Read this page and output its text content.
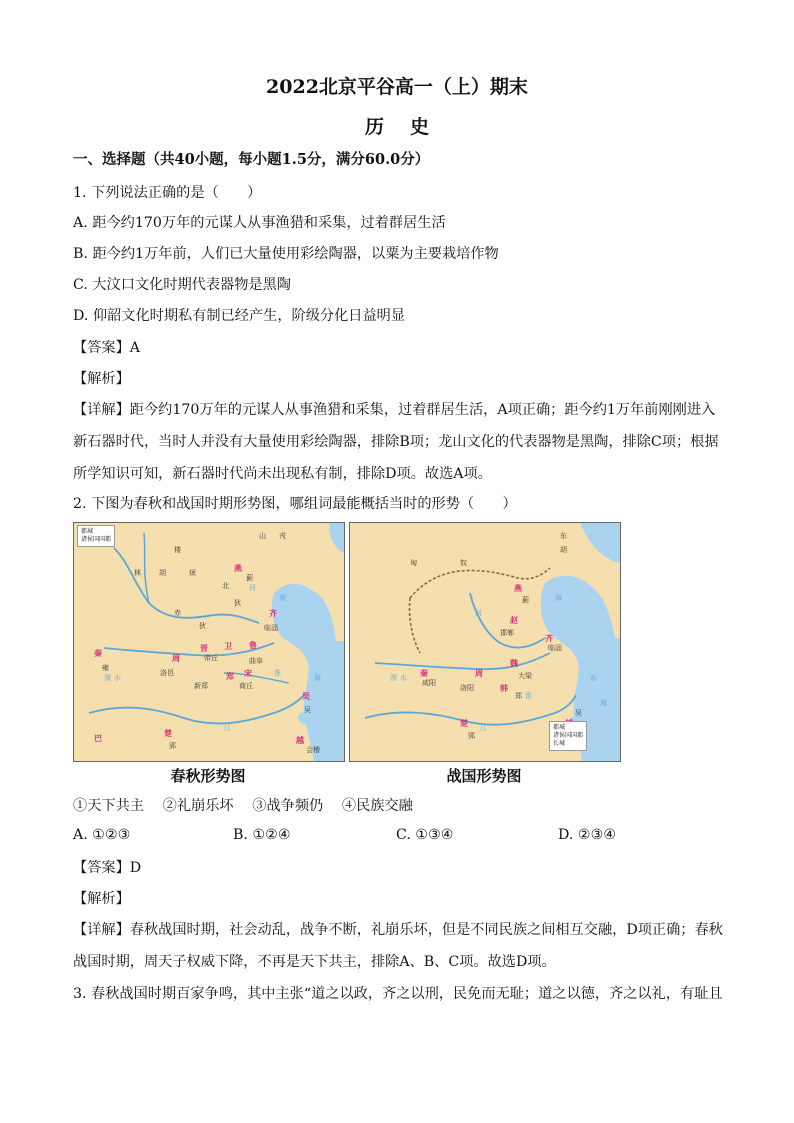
2022北京平谷高一（上）期末
历史
一、选择题（共40小题，每小题1.5分，满分60.0分）
1. 下列说法正确的是（　　）
A. 距今约170万年的元谋人从事渔猎和采集，过着群居生活
B. 距今约1万年前，人们已大量使用彩绘陶器，以粟为主要栽培作物
C. 大汶口文化时期代表器物是黑陶
D. 仰韶文化时期私有制已经产生，阶级分化日益明显
【答案】A
【解析】
【详解】距今约170万年的元谋人从事渔猎和采集，过着群居生活，A项正确；距今约1万年前刚刚进入
新石器时代，当时人并没有大量使用彩绘陶器，排除B项；龙山文化的代表器物是黑陶，排除C项；根据
所学知识可知，新石器时代尚未出现私有制，排除D项。故选A项。
2. 下图为春秋和战国时期形势图，哪组词最能概括当时的形势（　　）
山 戎
楼
林	胡	烦	燕
蓟
北
狄
赤
狄
齐
临淄
晋 卫 鲁
帝丘	曲阜
秦
雍
洛邑	郑 宋
新郑	商丘
周
吴
吴
巴
楚
郢
越
会稽
渭 水
河
淮
江
海
海
都城
诸侯国国都	东
胡
匈	奴
燕
蓟
赵
邯郸
齐
临淄
秦
咸阳
洛阳
魏
大梁
韩
郑
周
楚
郢
吴
渭 水
河
淮
江
海
东
海
都城
诸侯国国都
长城
春秋形势图	战国形势图
①天下共主　 ②礼崩乐坏　 ③战争频仍　 ④民族交融
A. ①②③	B. ①②④	C. ①③④	D. ②③④
【答案】D
【解析】
【详解】春秋战国时期，社会动乱，战争不断，礼崩乐坏，但是不同民族之间相互交融，D项正确；春秋
战国时期，周天子权威下降，不再是天下共主，排除A、B、C项。故选D项。
3. 春秋战国时期百家争鸣，其中主张“道之以政，齐之以刑，民免而无耻；道之以德，齐之以礼，有耻且
